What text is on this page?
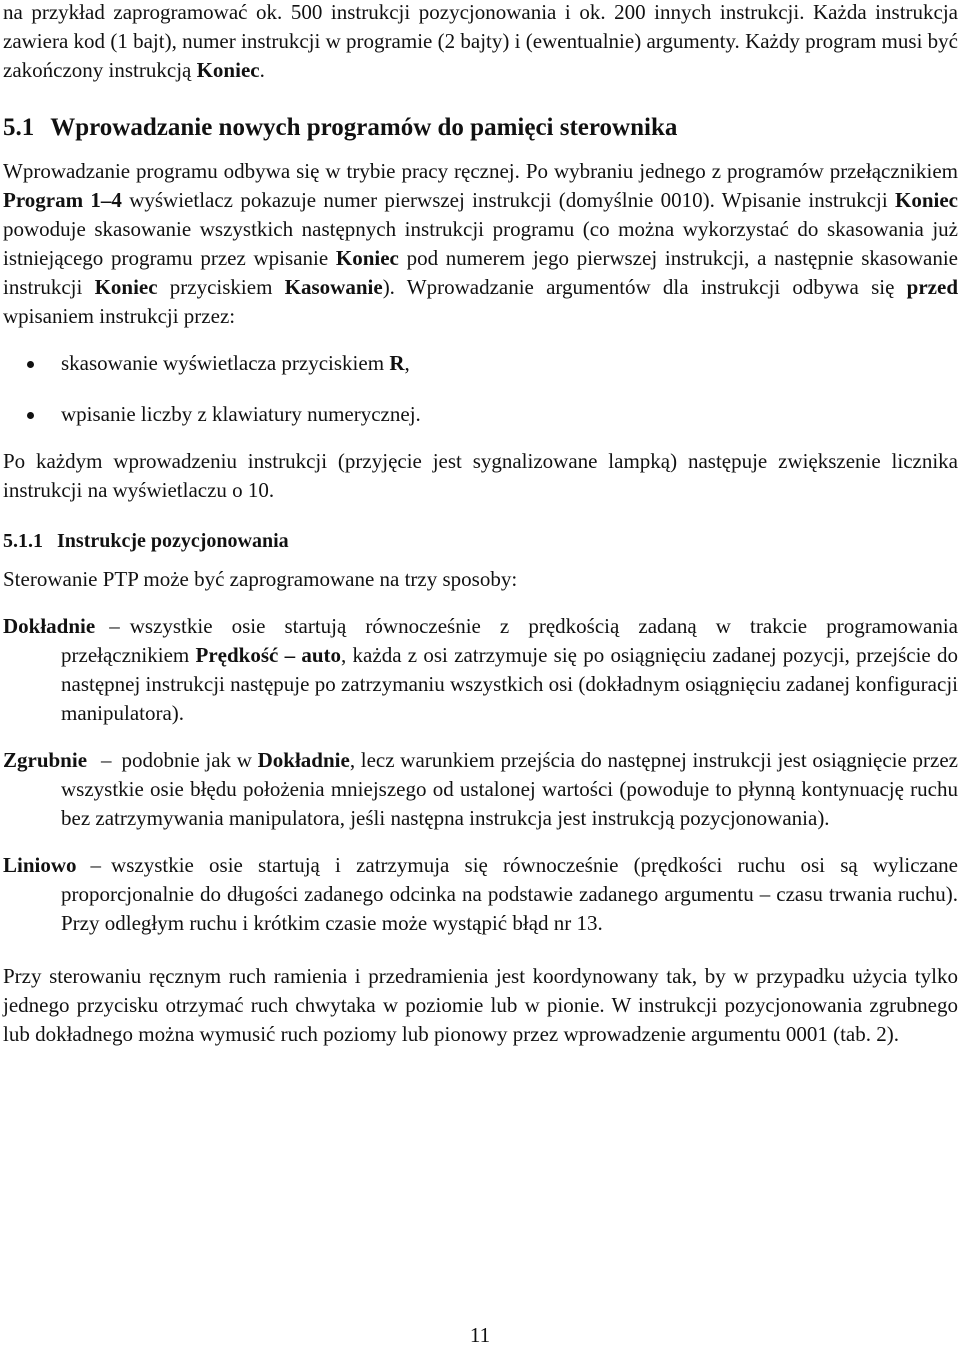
na przykład zaprogramować ok. 500 instrukcji pozycjonowania i ok. 200 innych instrukcji. Każda instrukcja zawiera kod (1 bajt), numer instrukcji w programie (2 bajty) i (ewentualnie) argumenty. Każdy program musi być zakończony instrukcją Koniec.

5.1 Wprowadzanie nowych programów do pamięci sterownika

Wprowadzanie programu odbywa się w trybie pracy ręcznej. Po wybraniu jednego z programów przełącznikiem Program 1–4 wyświetlacz pokazuje numer pierwszej instrukcji (domyślnie 0010). Wpisanie instrukcji Koniec powoduje skasowanie wszystkich następnych instrukcji programu (co można wykorzystać do skasowania już istniejącego programu przez wpisanie Koniec pod numerem jego pierwszej instrukcji, a następnie skasowanie instrukcji Koniec przyciskiem Kasowanie). Wprowadzanie argumentów dla instrukcji odbywa się przed wpisaniem instrukcji przez:

skasowanie wyświetlacza przyciskiem R,
wpisanie liczby z klawiatury numerycznej.

Po każdym wprowadzeniu instrukcji (przyjęcie jest sygnalizowane lampką) następuje zwiększenie licznika instrukcji na wyświetlaczu o 10.

5.1.1 Instrukcje pozycjonowania

Sterowanie PTP może być zaprogramowane na trzy sposoby:

Dokładnie – wszystkie osie startują równocześnie z prędkością zadaną w trakcie programowania przełącznikiem Prędkość – auto, każda z osi zatrzymuje się po osiągnięciu zadanej pozycji, przejście do następnej instrukcji następuje po zatrzymaniu wszystkich osi (dokładnym osiągnięciu zadanej konfiguracji manipulatora).
Zgrubnie – podobnie jak w Dokładnie, lecz warunkiem przejścia do następnej instrukcji jest osiągnięcie przez wszystkie osie błędu położenia mniejszego od ustalonej wartości (powoduje to płynną kontynuację ruchu bez zatrzymywania manipulatora, jeśli następna instrukcja jest instrukcją pozycjonowania).
Liniowo – wszystkie osie startują i zatrzymuja się równocześnie (prędkości ruchu osi są wyliczane proporcjonalnie do długości zadanego odcinka na podstawie zadanego argumentu – czasu trwania ruchu). Przy odległym ruchu i krótkim czasie może wystąpić błąd nr 13.

Przy sterowaniu ręcznym ruch ramienia i przedramienia jest koordynowany tak, by w przypadku użycia tylko jednego przycisku otrzymać ruch chwytaka w poziomie lub w pionie. W instrukcji pozycjonowania zgrubnego lub dokładnego można wymusić ruch poziomy lub pionowy przez wprowadzenie argumentu 0001 (tab. 2).

11
